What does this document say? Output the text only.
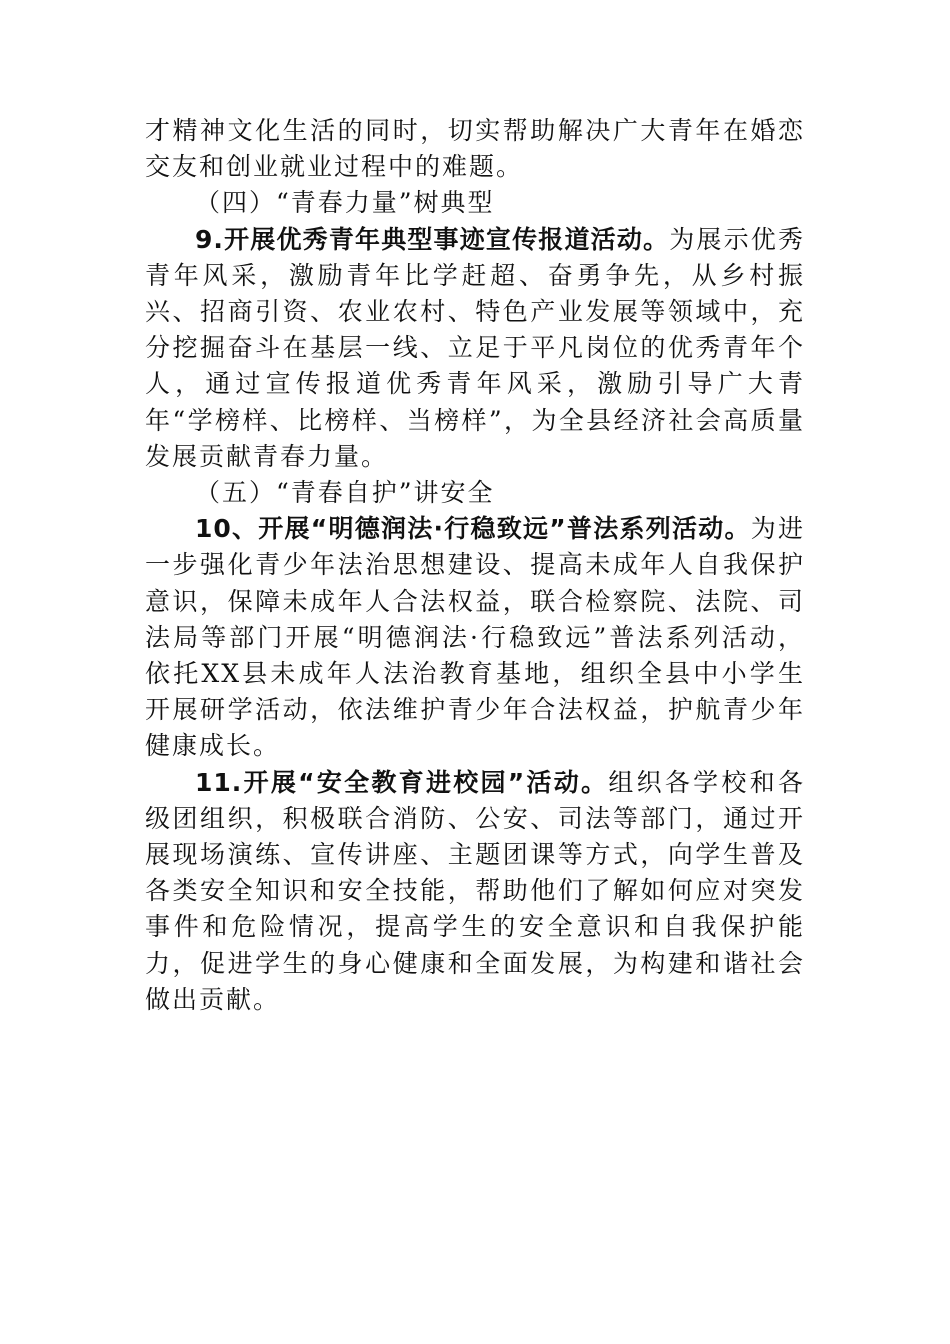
才精神文化生活的同时，切实帮助解决广大青年在婚恋交友和创业就业过程中的难题。

（四）“青春力量”树典型

9.开展优秀青年典型事迹宣传报道活动。为展示优秀青年风采，激励青年比学赶超、奋勇争先，从乡村振兴、招商引资、农业农村、特色产业发展等领域中，充分挖掘奋斗在基层一线、立足于平凡岗位的优秀青年个人，通过宣传报道优秀青年风采，激励引导广大青年“学榜样、比榜样、当榜样”，为全县经济社会高质量发展贡献青春力量。

（五）“青春自护”讲安全

10、开展“明德润法·行稳致远”普法系列活动。为进一步强化青少年法治思想建设、提高未成年人自我保护意识，保障未成年人合法权益，联合检察院、法院、司法局等部门开展“明德润法·行稳致远”普法系列活动，依托XX县未成年人法治教育基地，组织全县中小学生开展研学活动，依法维护青少年合法权益，护航青少年健康成长。

11.开展“安全教育进校园”活动。组织各学校和各级团组织，积极联合消防、公安、司法等部门，通过开展现场演练、宣传讲座、主题团课等方式，向学生普及各类安全知识和安全技能，帮助他们了解如何应对突发事件和危险情况，提高学生的安全意识和自我保护能力，促进学生的身心健康和全面发展，为构建和谐社会做出贡献。
